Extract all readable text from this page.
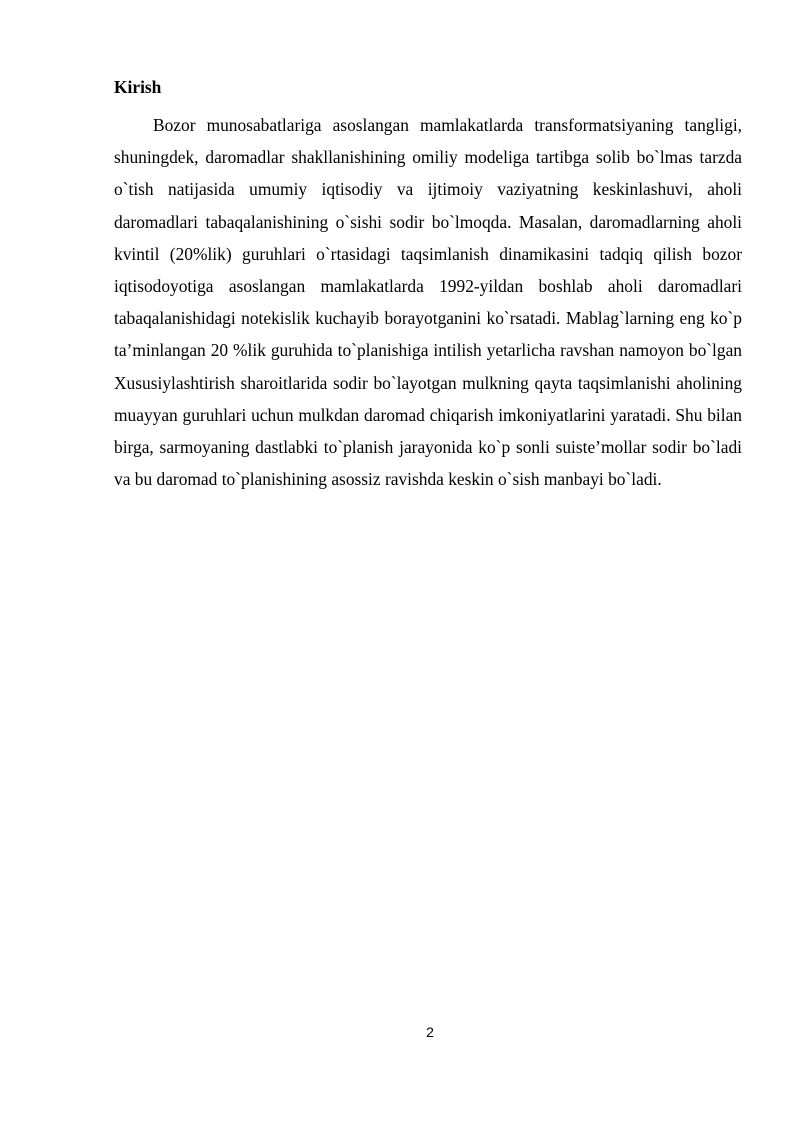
Kirish

Bozor munosabatlariga asoslangan mamlakatlarda transformatsiyaning tangligi, shuningdek, daromadlar shakllanishining omiliy modeliga tartibga solib bo`lmas tarzda o`tish natijasida umumiy iqtisodiy va ijtimoiy vaziyatning keskinlashuvi, aholi daromadlari tabaqalanishining o`sishi sodir bo`lmoqda. Masalan, daromadlarning aholi kvintil (20%lik) guruhlari o`rtasidagi taqsimlanish dinamikasini tadqiq qilish bozor iqtisodoyotiga asoslangan mamlakatlarda 1992-yildan boshlab aholi daromadlari tabaqalanishidagi notekislik kuchayib borayotganini ko`rsatadi. Mablag`larning eng ko`p ta’minlangan 20 %lik guruhida to`planishiga intilish yetarlicha ravshan namoyon bo`lgan Xususiylashtirish sharoitlarida sodir bo`layotgan mulkning qayta taqsimlanishi aholining muayyan guruhlari uchun mulkdan daromad chiqarish imkoniyatlarini yaratadi. Shu bilan birga, sarmoyaning dastlabki to`planish jarayonida ko`p sonli suiste’mollar sodir bo`ladi va bu daromad to`planishining asossiz ravishda keskin o`sish manbayi bo`ladi.

2
